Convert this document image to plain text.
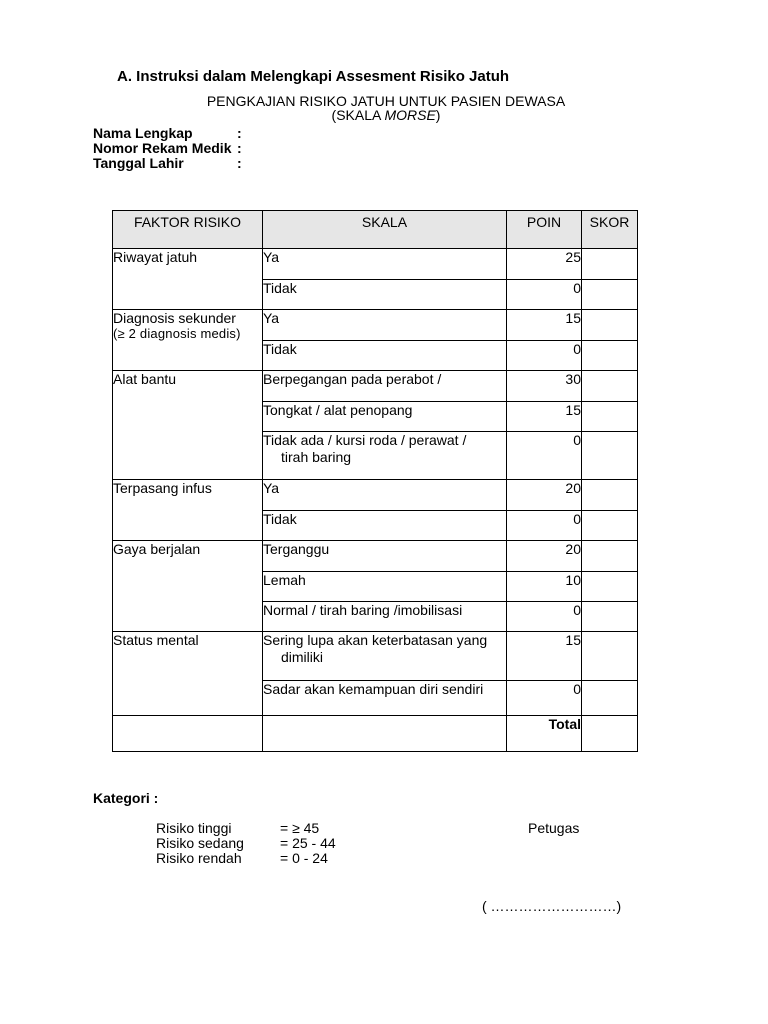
A. Instruksi dalam Melengkapi Assesment Risiko Jatuh
PENGKAJIAN RISIKO JATUH UNTUK PASIEN DEWASA
(SKALA MORSE)
Nama Lengkap	:
Nomor Rekam Medik :
Tanggal Lahir	:
FAKTOR RISIKO	SKALA	POIN	SKOR
Riwayat jatuh	Ya	25	
	Tidak	0	

Diagnosis sekunder
(≥ 2 diagnosis medis)	Ya	15	
	Tidak	0	
Alat bantu	Berpegangan pada perabot /	30	
	Tongkat / alat penopang	15	

	Tidak ada / kursi roda / perawat /
tirah baring	0	
Terpasang infus	Ya	20	
	Tidak	0	
Gaya berjalan	Terganggu	20	
	Lemah	10	
	Normal / tirah baring /imobilisasi	0	
Status mental	Sering lupa akan keterbatasan yang
dimiliki	15	
	Sadar akan kemampuan diri sendiri	0	
		Total	
Kategori :
Risiko tinggi	= ≥ 45
Risiko sedang	= 25 - 44
Risiko rendah	= 0 - 24
Petugas
( ………………………)
